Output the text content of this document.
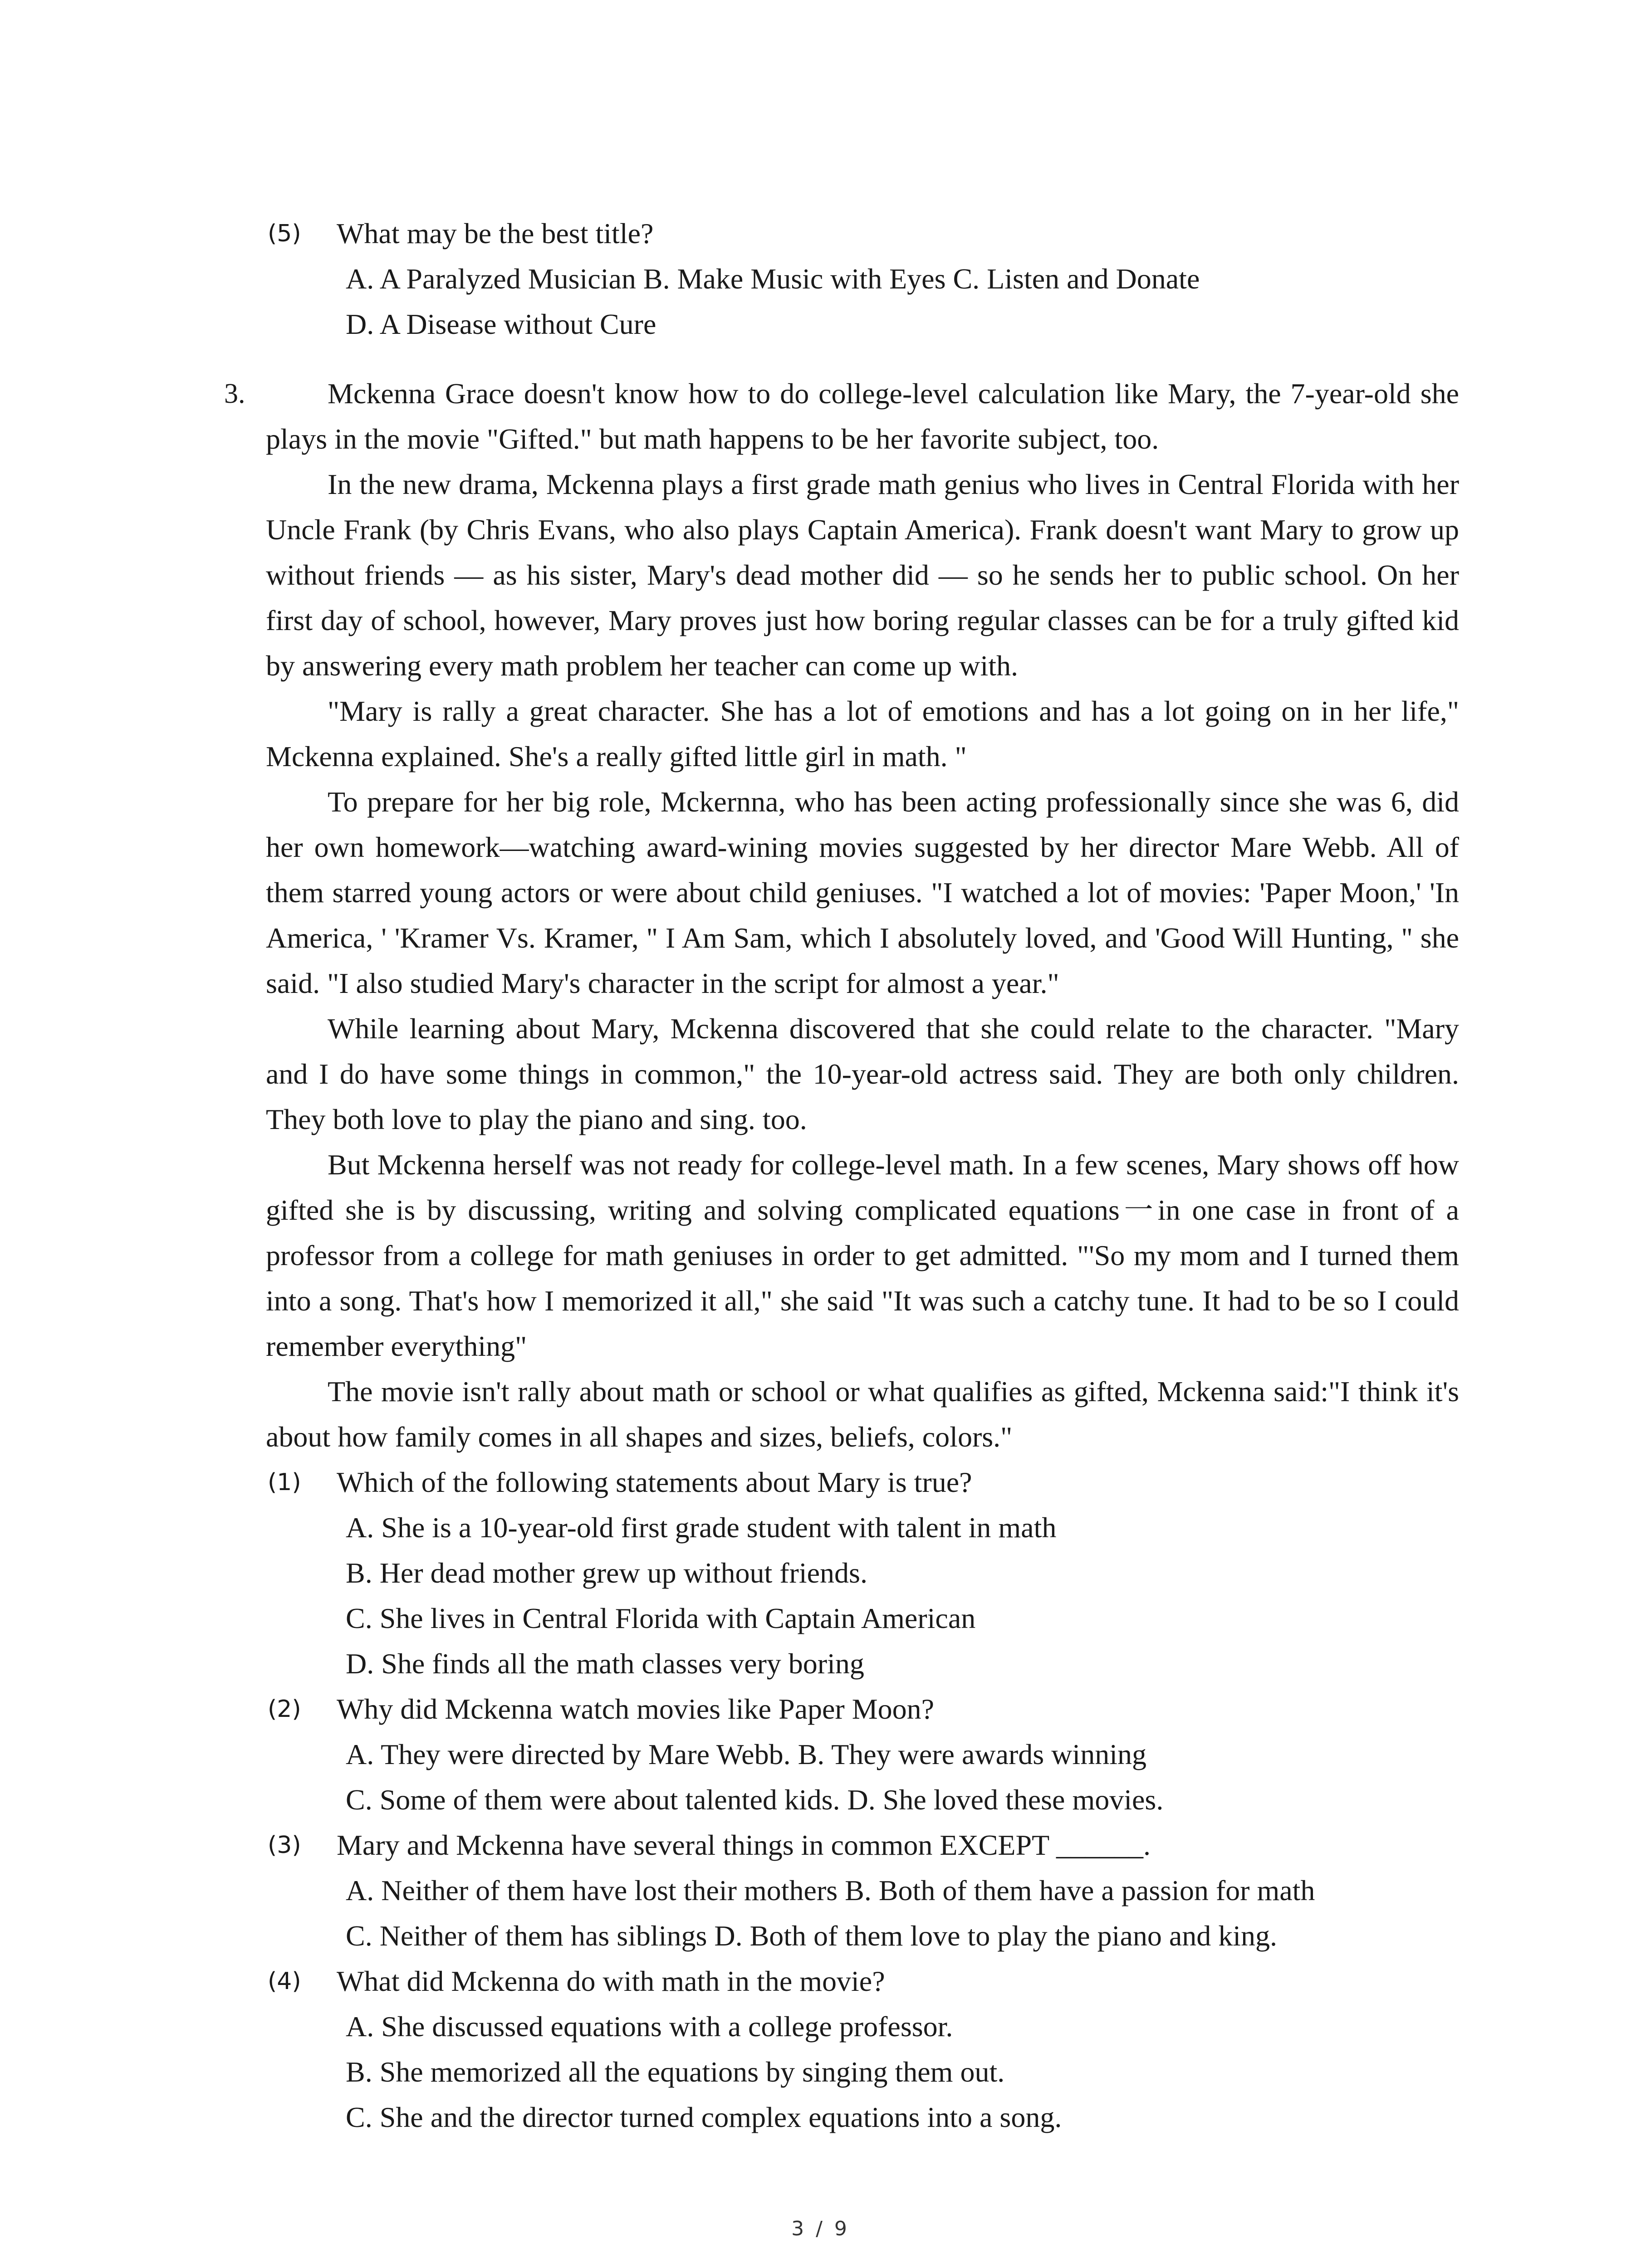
(5) What may be the best title?
A. A Paralyzed Musician B. Make Music with Eyes C. Listen and Donate
D. A Disease without Cure
3.	Mckenna Grace doesn't know how to do college-level calculation like Mary, the 7-year-old she plays in the movie "Gifted." but math happens to be her favorite subject, too.

In the new drama, Mckenna plays a first grade math genius who lives in Central Florida with her Uncle Frank (by Chris Evans, who also plays Captain America). Frank doesn't want Mary to grow up without friends — as his sister, Mary's dead mother did — so he sends her to public school. On her first day of school, however, Mary proves just how boring regular classes can be for a truly gifted kid by answering every math problem her teacher can come up with.

"Mary is rally a great character. She has a lot of emotions and has a lot going on in her life," Mckenna explained. She's a really gifted little girl in math. "

To prepare for her big role, Mckernna, who has been acting professionally since she was 6, did her own homework—watching award-wining movies suggested by her director Mare Webb. All of them starred young actors or were about child geniuses. "I watched a lot of movies: 'Paper Moon,' 'In America, ' 'Kramer Vs. Kramer, '' I Am Sam, which I absolutely loved, and 'Good Will Hunting, '' she said. "I also studied Mary's character in the script for almost a year."

While learning about Mary, Mckenna discovered that she could relate to the character. "Mary and I do have some things in common," the 10-year-old actress said. They are both only children. They both love to play the piano and sing. too.

But Mckenna herself was not ready for college-level math. In a few scenes, Mary shows off how gifted she is by discussing, writing and solving complicated equations一in one case in front of a professor from a college for math geniuses in order to get admitted. "'So my mom and I turned them into a song. That's how I memorized it all," she said "It was such a catchy tune. It had to be so I could remember everything"

The movie isn't rally about math or school or what qualifies as gifted, Mckenna said:"I think it's about how family comes in all shapes and sizes, beliefs, colors."

(1) Which of the following statements about Mary is true?
A. She is a 10-year-old first grade student with talent in math
B. Her dead mother grew up without friends.
C. She lives in Central Florida with Captain American
D. She finds all the math classes very boring
(2) Why did Mckenna watch movies like Paper Moon?
A. They were directed by Mare Webb. B. They were awards winning
C. Some of them were about talented kids. D. She loved these movies.
(3) Mary and Mckenna have several things in common EXCEPT ______.
A. Neither of them have lost their mothers B. Both of them have a passion for math
C. Neither of them has siblings D. Both of them love to play the piano and king.
(4) What did Mckenna do with math in the movie?
A. She discussed equations with a college professor.
B. She memorized all the equations by singing them out.
C. She and the director turned complex equations into a song.
3 / 9
